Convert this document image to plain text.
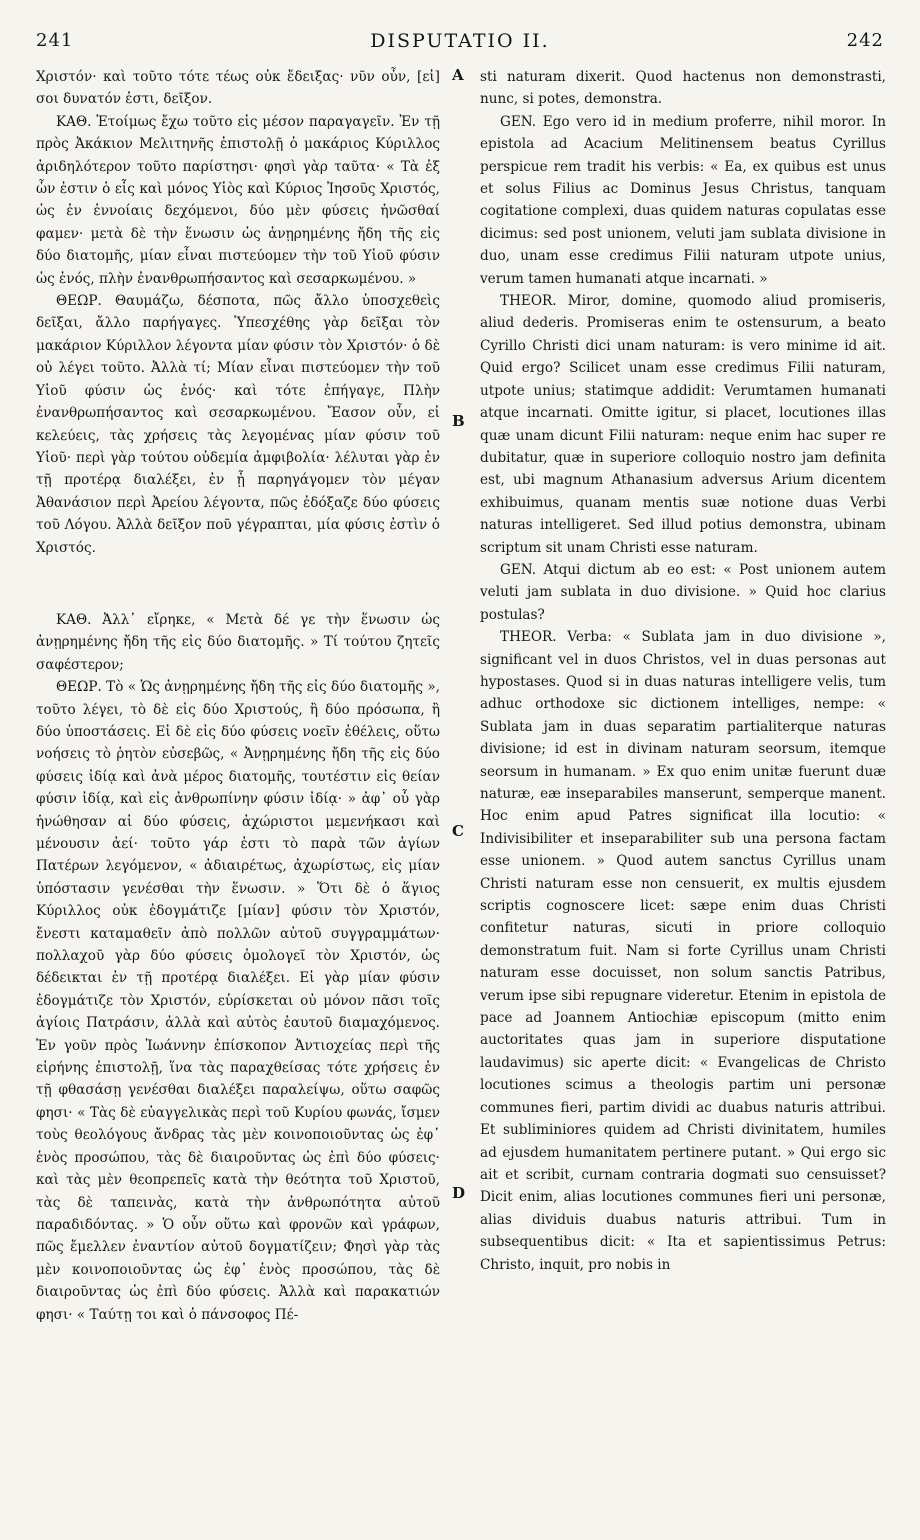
241	DISPUTATIO II.	242

Χριστόν· καὶ τοῦτο τότε τέως οὐκ ἔδειξας· νῦν οὖν, [εἰ] σοι δυνατόν ἐστι, δεῖξον.

ΚΑΘ. Ἑτοίμως ἔχω τοῦτο εἰς μέσον παραγαγεῖν. Ἐν τῇ πρὸς Ἀκάκιον Μελιτηνῆς ἐπιστολῇ ὁ μακάριος Κύριλλος ἀριδηλότερον τοῦτο παρίστησι· φησὶ γὰρ ταῦτα· « Τὰ ἐξ ὧν ἐστιν ὁ εἷς καὶ μόνος Υἱὸς καὶ Κύριος Ἰησοῦς Χριστός, ὡς ἐν ἐννοίαις δεχόμενοι, δύο μὲν φύσεις ἡνῶσθαί φαμεν· μετὰ δὲ τὴν ἕνωσιν ὡς ἀνῃρημένης ἤδη τῆς εἰς δύο διατομῆς, μίαν εἶναι πιστεύομεν τὴν τοῦ Υἱοῦ φύσιν ὡς ἑνός, πλὴν ἐνανθρωπήσαντος καὶ σεσαρκωμένου. »

ΘΕΩΡ. Θαυμάζω, δέσποτα, πῶς ἄλλο ὑποσχεθεὶς δεῖξαι, ἄλλο παρήγαγες. Ὑπεσχέθης γὰρ δεῖξαι τὸν μακάριον Κύριλλον λέγοντα μίαν φύσιν τὸν Χριστόν· ὁ δὲ οὐ λέγει τοῦτο. Ἀλλὰ τί; Μίαν εἶναι πιστεύομεν τὴν τοῦ Υἱοῦ φύσιν ὡς ἑνός· καὶ τότε ἐπήγαγε, Πλὴν ἐνανθρωπήσαντος καὶ σεσαρκωμένου. Ἔασον οὖν, εἰ κελεύεις, τὰς χρήσεις τὰς λεγομένας μίαν φύσιν τοῦ Υἱοῦ· περὶ γὰρ τούτου οὐδεμία ἀμφιβολία· λέλυται γὰρ ἐν τῇ προτέρᾳ διαλέξει, ἐν ᾗ παρηγάγομεν τὸν μέγαν Ἀθανάσιον περὶ Ἀρείου λέγοντα, πῶς ἐδόξαζε δύο φύσεις τοῦ Λόγου. Ἀλλὰ δεῖξον ποῦ γέγραπται, μία φύσις ἐστὶν ὁ Χριστός.

ΚΑΘ. Ἀλλ᾽ εἴρηκε, « Μετὰ δέ γε τὴν ἕνωσιν ὡς ἀνῃρημένης ἤδη τῆς εἰς δύο διατομῆς. » Τί τούτου ζητεῖς σαφέστερον;

ΘΕΩΡ. Τὸ « Ὡς ἀνῃρημένης ἤδη τῆς εἰς δύο διατομῆς », τοῦτο λέγει, τὸ δὲ εἰς δύο Χριστούς, ἢ δύο πρόσωπα, ἢ δύο ὑποστάσεις. Εἰ δὲ εἰς δύο φύσεις νοεῖν ἐθέλεις, οὕτω νοήσεις τὸ ῥητὸν εὐσεβῶς, « Ἀνῃρημένης ἤδη τῆς εἰς δύο φύσεις ἰδίᾳ καὶ ἀνὰ μέρος διατομῆς, τουτέστιν εἰς θείαν φύσιν ἰδίᾳ, καὶ εἰς ἀνθρωπίνην φύσιν ἰδίᾳ· » ἀφ᾽ οὗ γὰρ ἡνώθησαν αἱ δύο φύσεις, ἀχώριστοι μεμενήκασι καὶ μένουσιν ἀεί· τοῦτο γάρ ἐστι τὸ παρὰ τῶν ἁγίων Πατέρων λεγόμενον, « ἀδιαιρέτως, ἀχωρίστως, εἰς μίαν ὑπόστασιν γενέσθαι τὴν ἕνωσιν. » Ὅτι δὲ ὁ ἅγιος Κύριλλος οὐκ ἐδογμάτιζε [μίαν] φύσιν τὸν Χριστόν, ἔνεστι καταμαθεῖν ἀπὸ πολλῶν αὐτοῦ συγγραμμάτων· πολλαχοῦ γὰρ δύο φύσεις ὁμολογεῖ τὸν Χριστόν, ὡς δέδεικται ἐν τῇ προτέρᾳ διαλέξει. Εἰ γὰρ μίαν φύσιν ἐδογμάτιζε τὸν Χριστόν, εὑρίσκεται οὐ μόνον πᾶσι τοῖς ἁγίοις Πατράσιν, ἀλλὰ καὶ αὐτὸς ἑαυτοῦ διαμαχόμενος. Ἐν γοῦν πρὸς Ἰωάννην ἐπίσκοπον Ἀντιοχείας περὶ τῆς εἰρήνης ἐπιστολῇ, ἵνα τὰς παραχθείσας τότε χρήσεις ἐν τῇ φθασάσῃ γενέσθαι διαλέξει παραλείψω, οὕτω σαφῶς φησι· « Τὰς δὲ εὐαγγελικὰς περὶ τοῦ Κυρίου φωνάς, ἴσμεν τοὺς θεολόγους ἄνδρας τὰς μὲν κοινοποιοῦντας ὡς ἐφ᾽ ἑνὸς προσώπου, τὰς δὲ διαιροῦντας ὡς ἐπὶ δύο φύσεις· καὶ τὰς μὲν θεοπρεπεῖς κατὰ τὴν θεότητα τοῦ Χριστοῦ, τὰς δὲ ταπεινὰς, κατὰ τὴν ἀνθρωπότητα αὐτοῦ παραδιδόντας. » Ὁ οὖν οὕτω καὶ φρονῶν καὶ γράφων, πῶς ἔμελλεν ἐναντίον αὐτοῦ δογματίζειν; Φησὶ γὰρ τὰς μὲν κοινοποιοῦντας ὡς ἐφ᾽ ἑνὸς προσώπου, τὰς δὲ διαιροῦντας ὡς ἐπὶ δύο φύσεις. Ἀλλὰ καὶ παρακατιών φησι· « Ταύτῃ τοι καὶ ὁ πάνσοφος Πέ-

A
B
C
D

sti naturam dixerit. Quod hactenus non demonstrasti, nunc, si potes, demonstra.

GEN. Ego vero id in medium proferre, nihil moror. In epistola ad Acacium Melitinensem beatus Cyrillus perspicue rem tradit his verbis: « Ea, ex quibus est unus et solus Filius ac Dominus Jesus Christus, tanquam cogitatione complexi, duas quidem naturas copulatas esse dicimus: sed post unionem, veluti jam sublata divisione in duo, unam esse credimus Filii naturam utpote unius, verum tamen humanati atque incarnati. »

THEOR. Miror, domine, quomodo aliud promiseris, aliud dederis. Promiseras enim te ostensurum, a beato Cyrillo Christi dici unam naturam: is vero minime id ait. Quid ergo? Scilicet unam esse credimus Filii naturam, utpote unius; statimque addidit: Verumtamen humanati atque incarnati. Omitte igitur, si placet, locutiones illas quæ unam dicunt Filii naturam: neque enim hac super re dubitatur, quæ in superiore colloquio nostro jam definita est, ubi magnum Athanasium adversus Arium dicentem exhibuimus, quanam mentis suæ notione duas Verbi naturas intelligeret. Sed illud potius demonstra, ubinam scriptum sit unam Christi esse naturam.

GEN. Atqui dictum ab eo est: « Post unionem autem veluti jam sublata in duo divisione. » Quid hoc clarius postulas?

THEOR. Verba: « Sublata jam in duo divisione », significant vel in duos Christos, vel in duas personas aut hypostases. Quod si in duas naturas intelligere velis, tum adhuc orthodoxe sic dictionem intelliges, nempe: « Sublata jam in duas separatim partialiterque naturas divisione; id est in divinam naturam seorsum, itemque seorsum in humanam. » Ex quo enim unitæ fuerunt duæ naturæ, eæ inseparabiles manserunt, semperque manent. Hoc enim apud Patres significat illa locutio: « Indivisibiliter et inseparabiliter sub una persona factam esse unionem. » Quod autem sanctus Cyrillus unam Christi naturam esse non censuerit, ex multis ejusdem scriptis cognoscere licet: sæpe enim duas Christi confitetur naturas, sicuti in priore colloquio demonstratum fuit. Nam si forte Cyrillus unam Christi naturam esse docuisset, non solum sanctis Patribus, verum ipse sibi repugnare videretur. Etenim in epistola de pace ad Joannem Antiochiæ episcopum (mitto enim auctoritates quas jam in superiore disputatione laudavimus) sic aperte dicit: « Evangelicas de Christo locutiones scimus a theologis partim uni personæ communes fieri, partim dividi ac duabus naturis attribui. Et subliminiores quidem ad Christi divinitatem, humiles ad ejusdem humanitatem pertinere putant. » Qui ergo sic ait et scribit, curnam contraria dogmati suo censuisset? Dicit enim, alias locutiones communes fieri uni personæ, alias dividuis duabus naturis attribui. Tum in subsequentibus dicit: « Ita et sapientissimus Petrus: Christo, inquit, pro nobis in
